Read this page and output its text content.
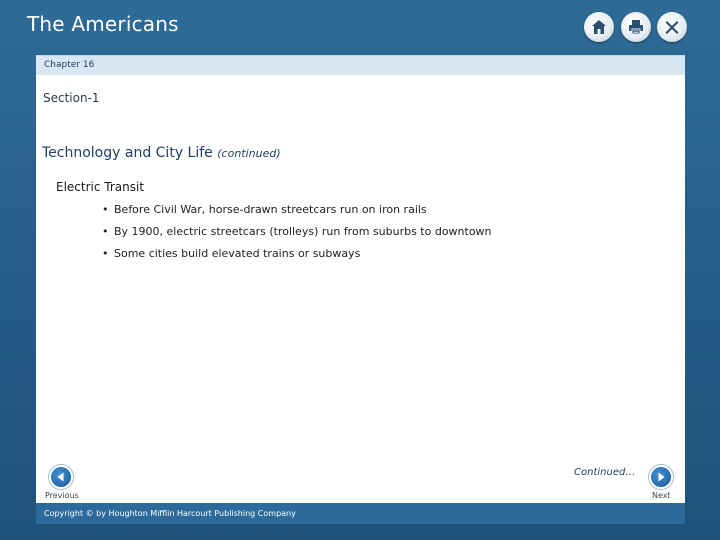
The Americans
Chapter 16
Section-1
Technology and City Life (continued)
Electric Transit
• Before Civil War, horse-drawn streetcars run on iron rails
• By 1900, electric streetcars (trolleys) run from suburbs to downtown
• Some cities build elevated trains or subways
Continued…
Previous	Next
Copyright © by Houghton Mifflin Harcourt Publishing Company
